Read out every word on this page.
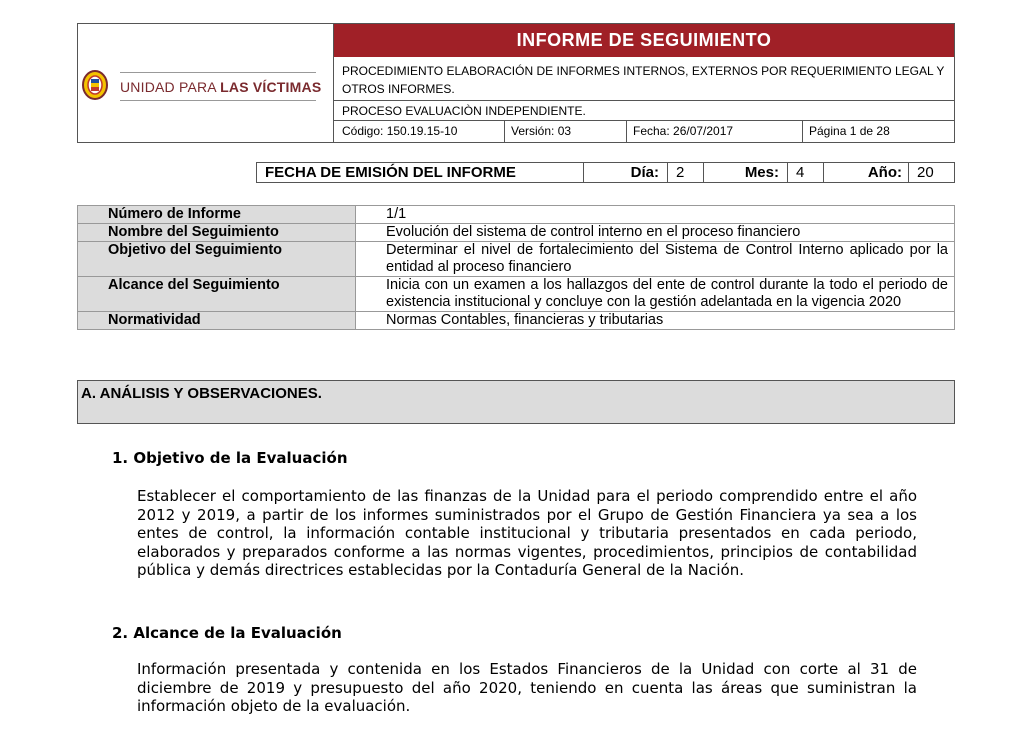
UNIDAD PARA LAS VÍCTIMAS
INFORME DE SEGUIMIENTO
PROCEDIMIENTO ELABORACIÓN DE INFORMES INTERNOS, EXTERNOS POR REQUERIMIENTO LEGAL Y OTROS INFORMES.
PROCESO EVALUACIÒN INDEPENDIENTE.
Código: 150.19.15-10	Versión: 03	Fecha: 26/07/2017	Página 1 de 28
FECHA DE EMISIÓN DEL INFORME	Día:	2	Mes:	4	Año:	20
Número de Informe	1/1
Nombre del Seguimiento	Evolución del sistema de control interno en el proceso financiero
Objetivo del Seguimiento	Determinar el nivel de fortalecimiento del Sistema de Control Interno aplicado por la entidad al proceso financiero
Alcance del Seguimiento	Inicia con un examen a los hallazgos del ente de control durante la todo el periodo de existencia institucional y concluye con la gestión adelantada en la vigencia 2020
Normatividad	Normas Contables, financieras y tributarias
A. ANÁLISIS Y OBSERVACIONES.
1. Objetivo de la Evaluación
Establecer el comportamiento de las finanzas de la Unidad para el periodo comprendido entre el año 2012 y 2019, a partir de los informes suministrados por el Grupo de Gestión Financiera ya sea a los entes de control, la información contable institucional y tributaria presentados en cada periodo, elaborados y preparados conforme a las normas vigentes, procedimientos, principios de contabilidad pública y demás directrices establecidas por la Contaduría General de la Nación.
2. Alcance de la Evaluación
Información presentada y contenida en los Estados Financieros de la Unidad con corte al 31 de diciembre de 2019 y presupuesto del año 2020, teniendo en cuenta las áreas que suministran la información objeto de la evaluación.
